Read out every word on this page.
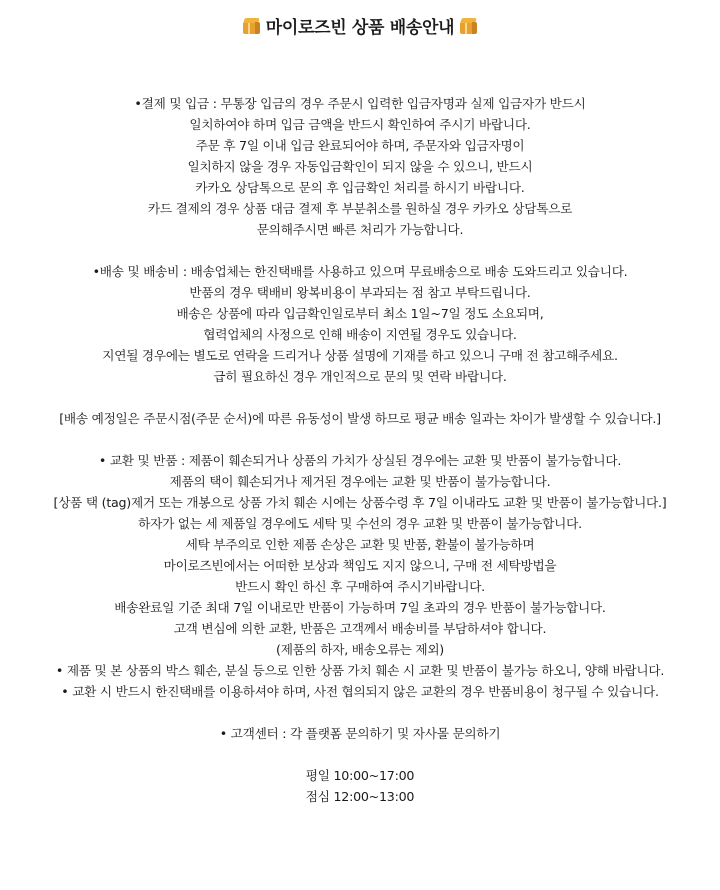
마이로즈빈 상품 배송안내
•결제 및 입금 : 무통장 입금의 경우 주문시 입력한 입금자명과 실제 입금자가 반드시
일치하여야 하며 입금 금액을 반드시 확인하여 주시기 바랍니다.
주문 후 7일 이내 입금 완료되어야 하며, 주문자와 입금자명이
일치하지 않을 경우 자동입금확인이 되지 않을 수 있으니, 반드시
카카오 상담톡으로 문의 후 입금확인 처리를 하시기 바랍니다.
카드 결제의 경우 상품 대금 결제 후 부분취소를 원하실 경우 카카오 상담톡으로
문의해주시면 빠른 처리가 가능합니다.
•배송 및 배송비 : 배송업체는 한진택배를 사용하고 있으며 무료배송으로 배송 도와드리고 있습니다.
반품의 경우 택배비 왕복비용이 부과되는 점 참고 부탁드립니다.
배송은 상품에 따라 입금확인일로부터 최소 1일~7일 정도 소요되며,
협력업체의 사정으로 인해 배송이 지연될 경우도 있습니다.
지연될 경우에는 별도로 연락을 드리거나 상품 설명에 기재를 하고 있으니 구매 전 참고해주세요.
급히 필요하신 경우 개인적으로 문의 및 연락 바랍니다.
[배송 예정일은 주문시점(주문 순서)에 따른 유동성이 발생 하므로 평균 배송 일과는 차이가 발생할 수 있습니다.]
• 교환 및 반품 : 제품이 훼손되거나 상품의 가치가 상실된 경우에는 교환 및 반품이 불가능합니다.
제품의 택이 훼손되거나 제거된 경우에는 교환 및 반품이 불가능합니다.
[상품 택 (tag)제거 또는 개봉으로 상품 가치 훼손 시에는 상품수령 후 7일 이내라도 교환 및 반품이 불가능합니다.]
하자가 없는 세 제품일 경우에도 세탁 및 수선의 경우 교환 및 반품이 불가능합니다.
세탁 부주의로 인한 제품 손상은 교환 및 반품, 환불이 불가능하며
마이로즈빈에서는 어떠한 보상과 책임도 지지 않으니, 구매 전 세탁방법을
반드시 확인 하신 후 구매하여 주시기바랍니다.
배송완료일 기준 최대 7일 이내로만 반품이 가능하며 7일 초과의 경우 반품이 불가능합니다.
고객 변심에 의한 교환, 반품은 고객께서 배송비를 부담하셔야 합니다.
(제품의 하자, 배송오류는 제외)
• 제품 및 본 상품의 박스 훼손, 분실 등으로 인한 상품 가치 훼손 시 교환 및 반품이 불가능 하오니, 양해 바랍니다.
• 교환 시 반드시 한진택배를 이용하셔야 하며, 사전 협의되지 않은 교환의 경우 반품비용이 청구될 수 있습니다.
• 고객센터 : 각 플랫폼 문의하기 및 자사몰 문의하기
평일 10:00~17:00
점심 12:00~13:00
